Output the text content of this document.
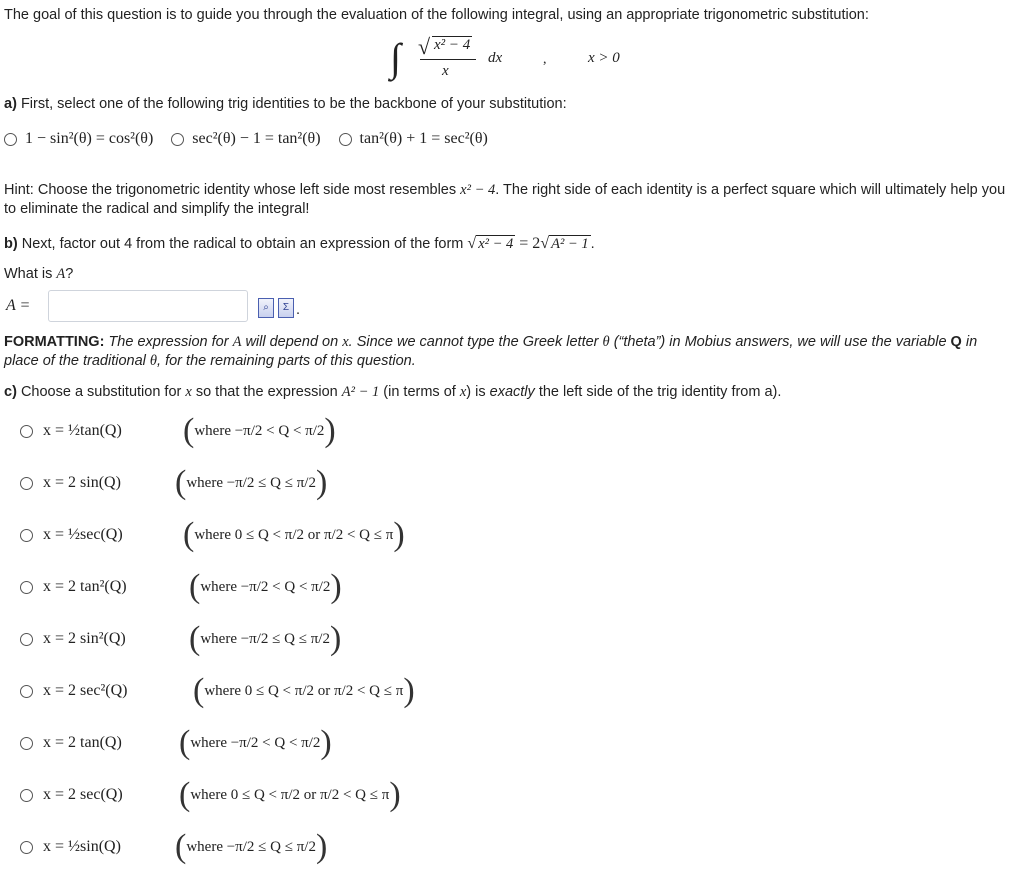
The goal of this question is to guide you through the evaluation of the following integral, using an appropriate trigonometric substitution:
∫ √ x² − 4
x
dx	,	x > 0
a) First, select one of the following trig identities to be the backbone of your substitution:
1 − sin²(θ) = cos²(θ) sec²(θ) − 1 = tan²(θ) tan²(θ) + 1 = sec²(θ)
Hint: Choose the trigonometric identity whose left side most resembles x² − 4. The right side of each identity is a perfect square which will ultimately help you to eliminate the radical and simplify the integral!
b) Next, factor out 4 from the radical to obtain an expression of the form √ x² − 4 = 2√ A² − 1 .
What is A?
A =	⌕	Σ .
FORMATTING: The expression for A will depend on x. Since we cannot type the Greek letter θ (“theta”) in Mobius answers, we will use the variable Q in place of the traditional θ, for the remaining parts of this question.
c) Choose a substitution for x so that the expression A² − 1 (in terms of x) is exactly the left side of the trig identity from a).
x = ½tan(Q)	( where −π/2 < Q < π/2 )
x = 2 sin(Q)	( where −π/2 ≤ Q ≤ π/2 )
x = ½sec(Q)	( where 0 ≤ Q < π/2 or π/2 < Q ≤ π )
x = 2 tan²(Q)	( where −π/2 < Q < π/2 )
x = 2 sin²(Q)	( where −π/2 ≤ Q ≤ π/2 )
x = 2 sec²(Q)	( where 0 ≤ Q < π/2 or π/2 < Q ≤ π )
x = 2 tan(Q)	( where −π/2 < Q < π/2 )
x = 2 sec(Q)	( where 0 ≤ Q < π/2 or π/2 < Q ≤ π )
x = ½sin(Q)	( where −π/2 ≤ Q ≤ π/2 )
